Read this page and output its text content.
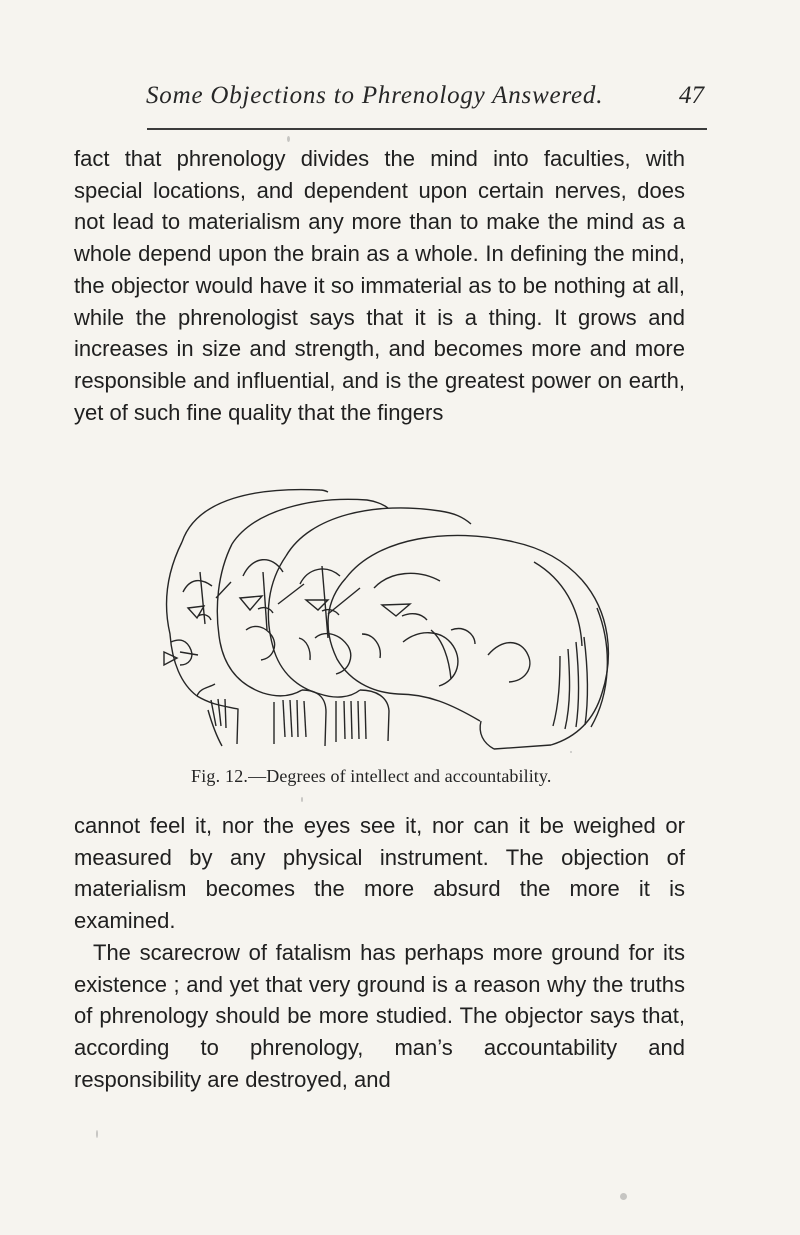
Some Objections to Phrenology Answered.	47

fact that phrenology divides the mind into faculties, with special locations, and dependent upon certain nerves, does not lead to materialism any more than to make the mind as a whole depend upon the brain as a whole. In defining the mind, the objector would have it so immaterial as to be nothing at all, while the phrenologist says that it is a thing. It grows and increases in size and strength, and becomes more and more responsible and influential, and is the greatest power on earth, yet of such fine quality that the fingers

Fig. 12.—Degrees of intellect and accountability.

cannot feel it, nor the eyes see it, nor can it be weighed or measured by any physical instrument. The objection of materialism becomes the more absurd the more it is examined.

The scarecrow of fatalism has perhaps more ground for its existence ; and yet that very ground is a reason why the truths of phrenology should be more studied. The objector says that, according to phrenology, man’s accountability and responsibility are destroyed, and
